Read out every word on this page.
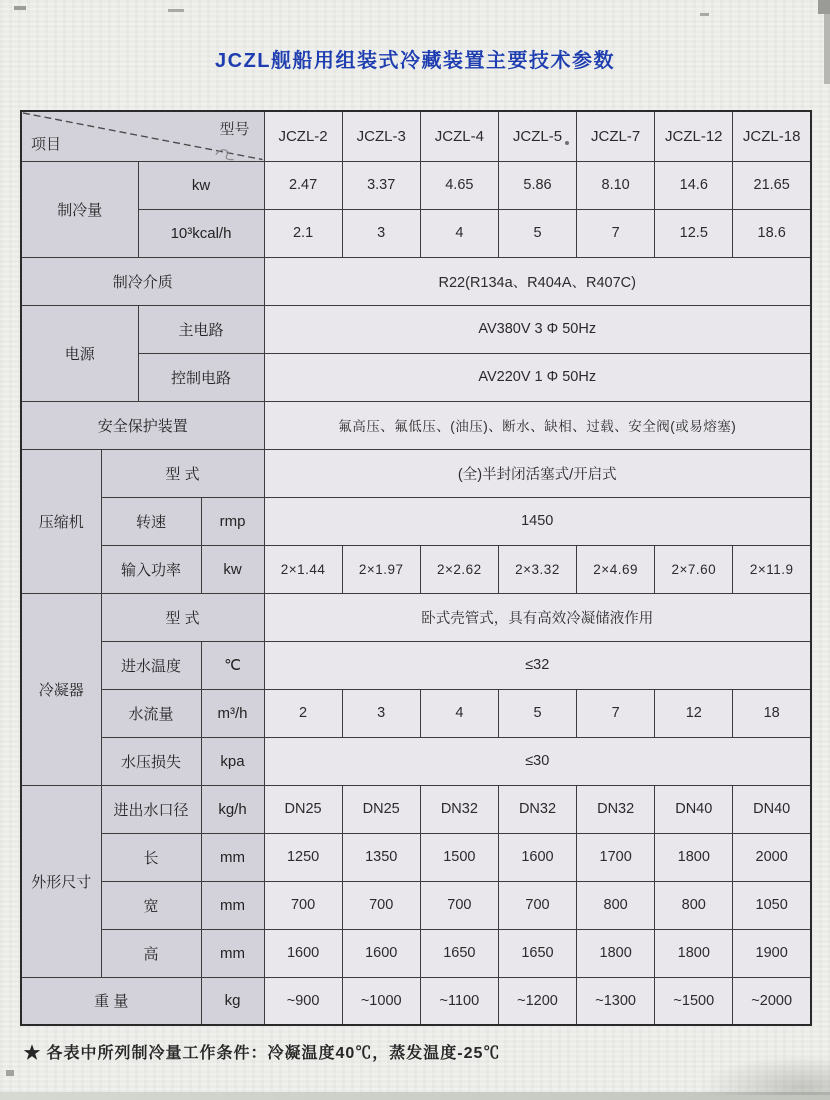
JCZL舰船用组装式冷藏装置主要技术参数
项目
型号				JCZL-2	JCZL-3	JCZL-4	JCZL-5	JCZL-7	JCZL-12	JCZL-18
制冷量		kw		2.47	3.37	4.65	5.86	8.10	14.6	21.65
		10³kcal/h		2.1	3	4	5	7	12.5	18.6
制冷介质				R22(R134a、R404A、R407C)						
电源		主电路		AV380V 3 Φ 50Hz						
		控制电路		AV220V 1 Φ 50Hz						
安全保护装置				氟高压、氟低压、(油压)、断水、缺相、过载、安全阀(或易熔塞)						
压缩机	型 式			(全)半封闭活塞式/开启式						
	转速		rmp	1450						
	输入功率		kw	2×1.44	2×1.97	2×2.62	2×3.32	2×4.69	2×7.60	2×11.9
冷凝器	型 式			卧式壳管式，具有高效冷凝储液作用						
	进水温度		℃	≤32						
	水流量		m³/h	2	3	4	5	7	12	18
	水压损失		kpa	≤30						
外形尺寸	进出水口径		kg/h	DN25	DN25	DN32	DN32	DN32	DN40	DN40
	长		mm	1250	1350	1500	1600	1700	1800	2000
	宽		mm	700	700	700	700	800	800	1050
	高		mm	1600	1600	1650	1650	1800	1800	1900
重 量			kg	~900	~1000	~1100	~1200	~1300	~1500	~2000
★ 各表中所列制冷量工作条件：冷凝温度40℃，蒸发温度-25℃
